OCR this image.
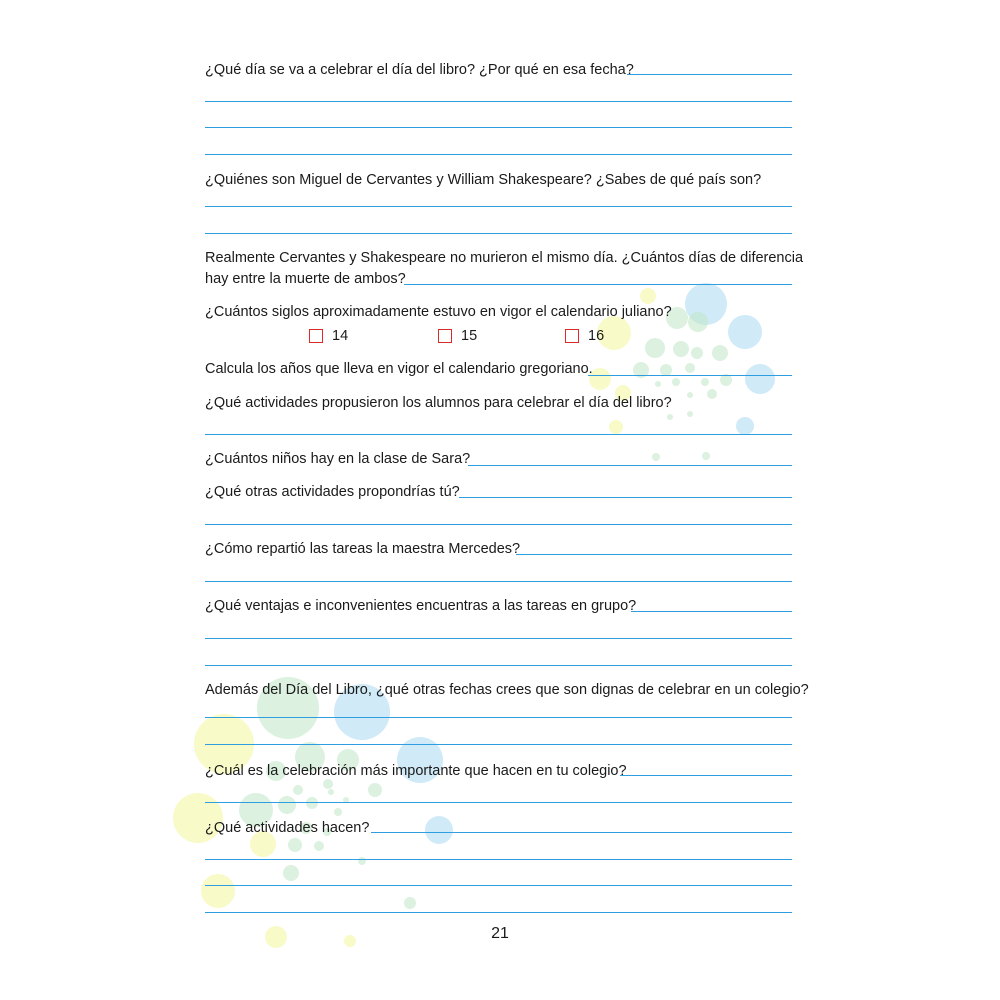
¿Qué día se va a celebrar el día del libro? ¿Por qué en esa fecha?
¿Quiénes son Miguel de Cervantes y William Shakespeare? ¿Sabes de qué país son?
Realmente Cervantes y Shakespeare no murieron el mismo día. ¿Cuántos días de diferencia
hay entre la muerte de ambos?
¿Cuántos siglos aproximadamente estuvo en vigor el calendario juliano?
14	15	16
Calcula los años que lleva en vigor el calendario gregoriano.
¿Qué actividades propusieron los alumnos para celebrar el día del libro?
¿Cuántos niños hay en la clase de Sara?
¿Qué otras actividades propondrías tú?
¿Cómo repartió las tareas la maestra Mercedes?
¿Qué ventajas e inconvenientes encuentras a las tareas en grupo?
Además del Día del Libro, ¿qué otras fechas crees que son dignas de celebrar en un colegio?
¿Cuál es la celebración más importante que hacen en tu colegio?
¿Qué actividades hacen?
21
